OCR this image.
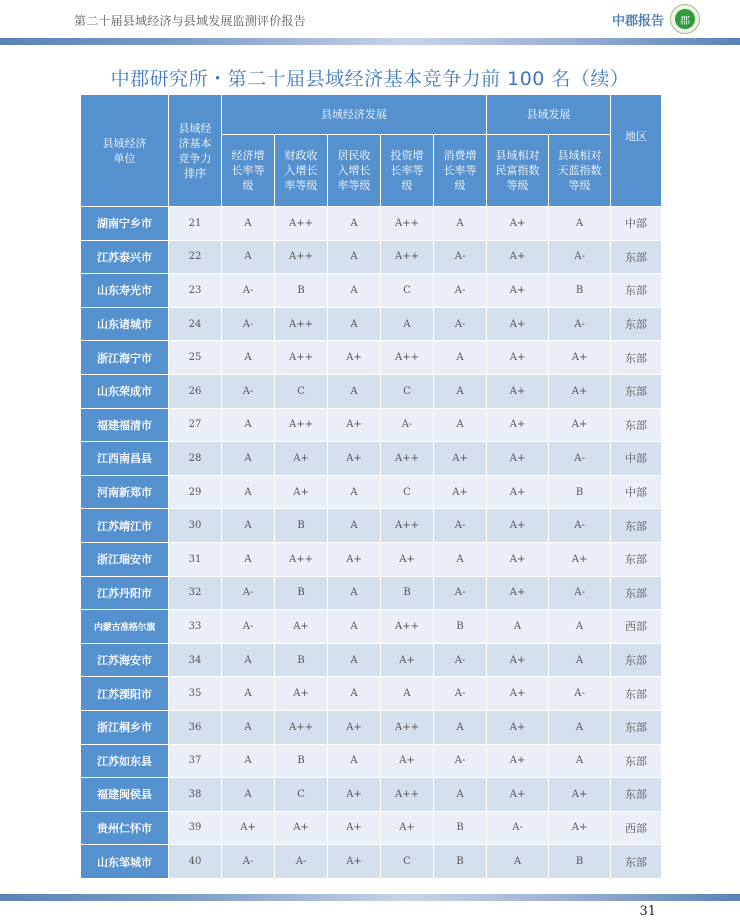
第二十届县域经济与县域发展监测评价报告	中郡报告	郡
中郡研究所・第二十届县域经济基本竞争力前 100 名（续）
县域经济单位	县域经济基本竞争力排序	县域经济发展					县域发展		地区
		经济增长率等级	财政收入增长率等级	居民收入增长率等级	投资增长率等级	消费增长率等级	县域相对民富指数等级	县域相对天蓝指数等级	
湖南宁乡市	21	A	A++	A	A++	A	A+	A	中部
江苏泰兴市	22	A	A++	A	A++	A-	A+	A-	东部
山东寿光市	23	A-	B	A	C	A-	A+	B	东部
山东诸城市	24	A-	A++	A	A	A-	A+	A-	东部
浙江海宁市	25	A	A++	A+	A++	A	A+	A+	东部
山东荣成市	26	A-	C	A	C	A	A+	A+	东部
福建福清市	27	A	A++	A+	A-	A	A+	A+	东部
江西南昌县	28	A	A+	A+	A++	A+	A+	A-	中部
河南新郑市	29	A	A+	A	C	A+	A+	B	中部
江苏靖江市	30	A	B	A	A++	A-	A+	A-	东部
浙江瑞安市	31	A	A++	A+	A+	A	A+	A+	东部
江苏丹阳市	32	A-	B	A	B	A-	A+	A-	东部
内蒙古准格尔旗	33	A-	A+	A	A++	B	A	A	西部
江苏海安市	34	A	B	A	A+	A-	A+	A	东部
江苏溧阳市	35	A	A+	A	A	A-	A+	A-	东部
浙江桐乡市	36	A	A++	A+	A++	A	A+	A	东部
江苏如东县	37	A	B	A	A+	A-	A+	A	东部
福建闽侯县	38	A	C	A+	A++	A	A+	A+	东部
贵州仁怀市	39	A+	A+	A+	A+	B	A-	A+	西部
山东邹城市	40	A-	A-	A+	C	B	A	B	东部
31
